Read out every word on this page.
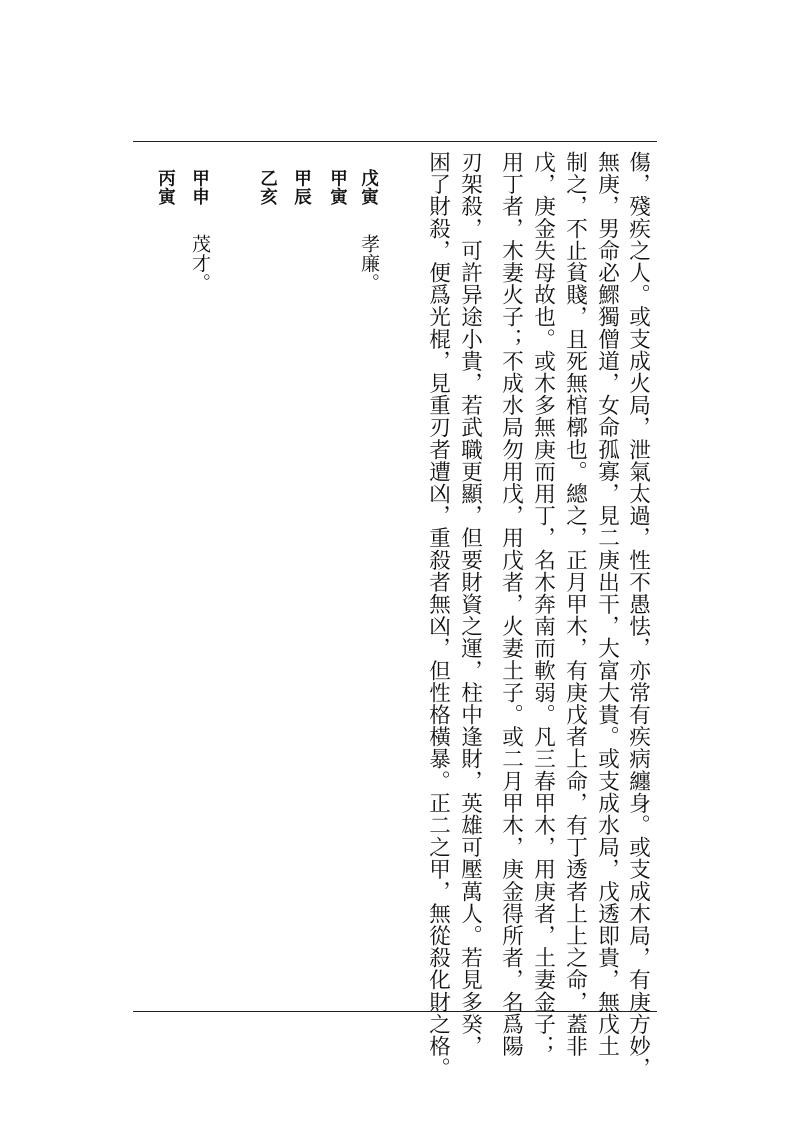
傷，殘疾之人。或支成火局，泄氣太過，性不愚怯，亦常有疾病纏身。或支成木局，有庚方妙，
無庚，男命必鰥獨僧道，女命孤寡，見二庚出干，大富大貴。或支成水局，戊透即貴，無戊土
制之，不止貧賤，且死無棺槨也。總之，正月甲木，有庚戊者上命，有丁透者上上之命，蓋非
戊，庚金失母故也。或木多無庚而用丁，名木奔南而軟弱。凡三春甲木，用庚者，土妻金子；
用丁者，木妻火子；不成水局勿用戊，用戊者，火妻土子。或二月甲木，庚金得所者，名爲陽
刃架殺，可許异途小貴，若武職更顯，但要財資之運，柱中逢財，英雄可壓萬人。若見多癸，
困了財殺，便爲光棍，見重刃者遭凶，重殺者無凶，但性格橫暴。正二之甲，無從殺化財之格。
戊寅
孝廉。
甲寅
甲辰
乙亥
甲申
茂才。
丙寅
